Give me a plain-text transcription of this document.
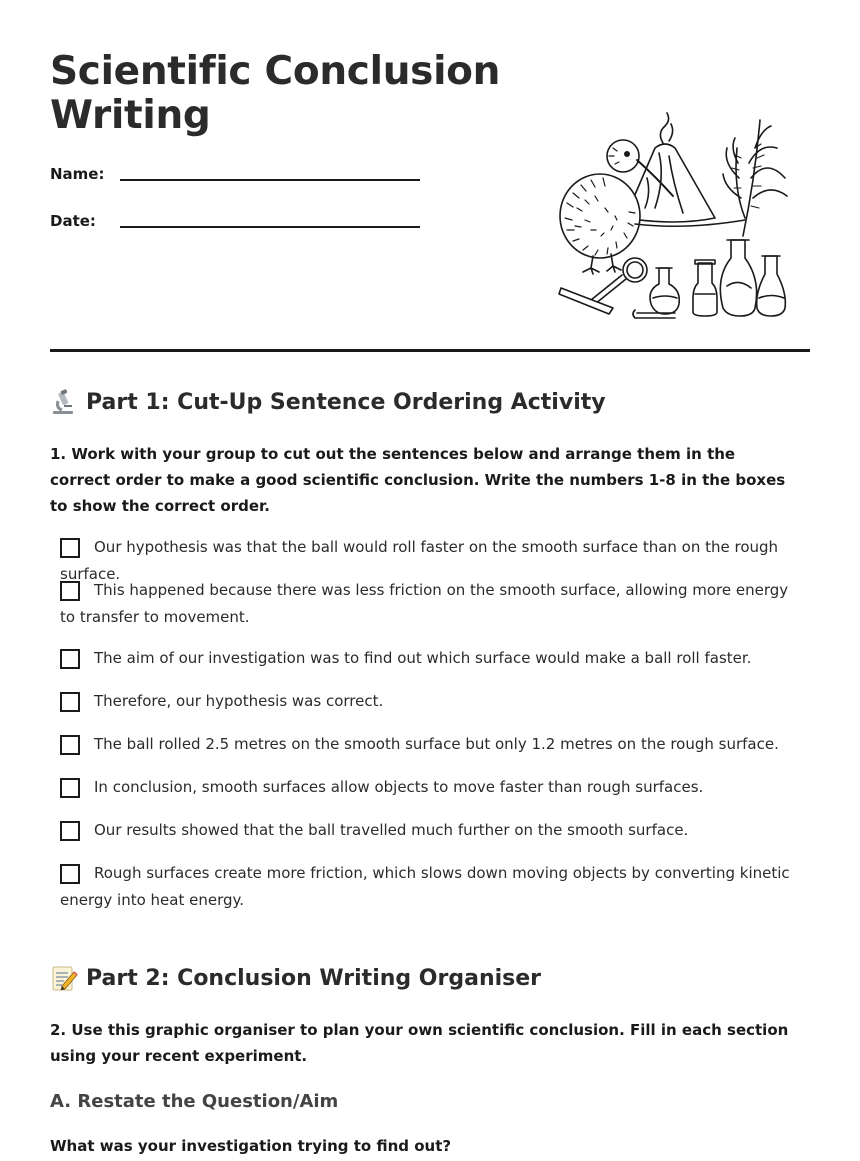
Scientific Conclusion Writing
Name:
Date:
Part 1: Cut-Up Sentence Ordering Activity
1. Work with your group to cut out the sentences below and arrange them in the correct order to make a good scientific conclusion. Write the numbers 1-8 in the boxes to show the correct order.
Our hypothesis was that the ball would roll faster on the smooth surface than on the rough surface.
This happened because there was less friction on the smooth surface, allowing more energy to transfer to movement.
The aim of our investigation was to find out which surface would make a ball roll faster.
Therefore, our hypothesis was correct.
The ball rolled 2.5 metres on the smooth surface but only 1.2 metres on the rough surface.
In conclusion, smooth surfaces allow objects to move faster than rough surfaces.
Our results showed that the ball travelled much further on the smooth surface.
Rough surfaces create more friction, which slows down moving objects by converting kinetic energy into heat energy.
Part 2: Conclusion Writing Organiser
2. Use this graphic organiser to plan your own scientific conclusion. Fill in each section using your recent experiment.
A. Restate the Question/Aim
What was your investigation trying to find out?
